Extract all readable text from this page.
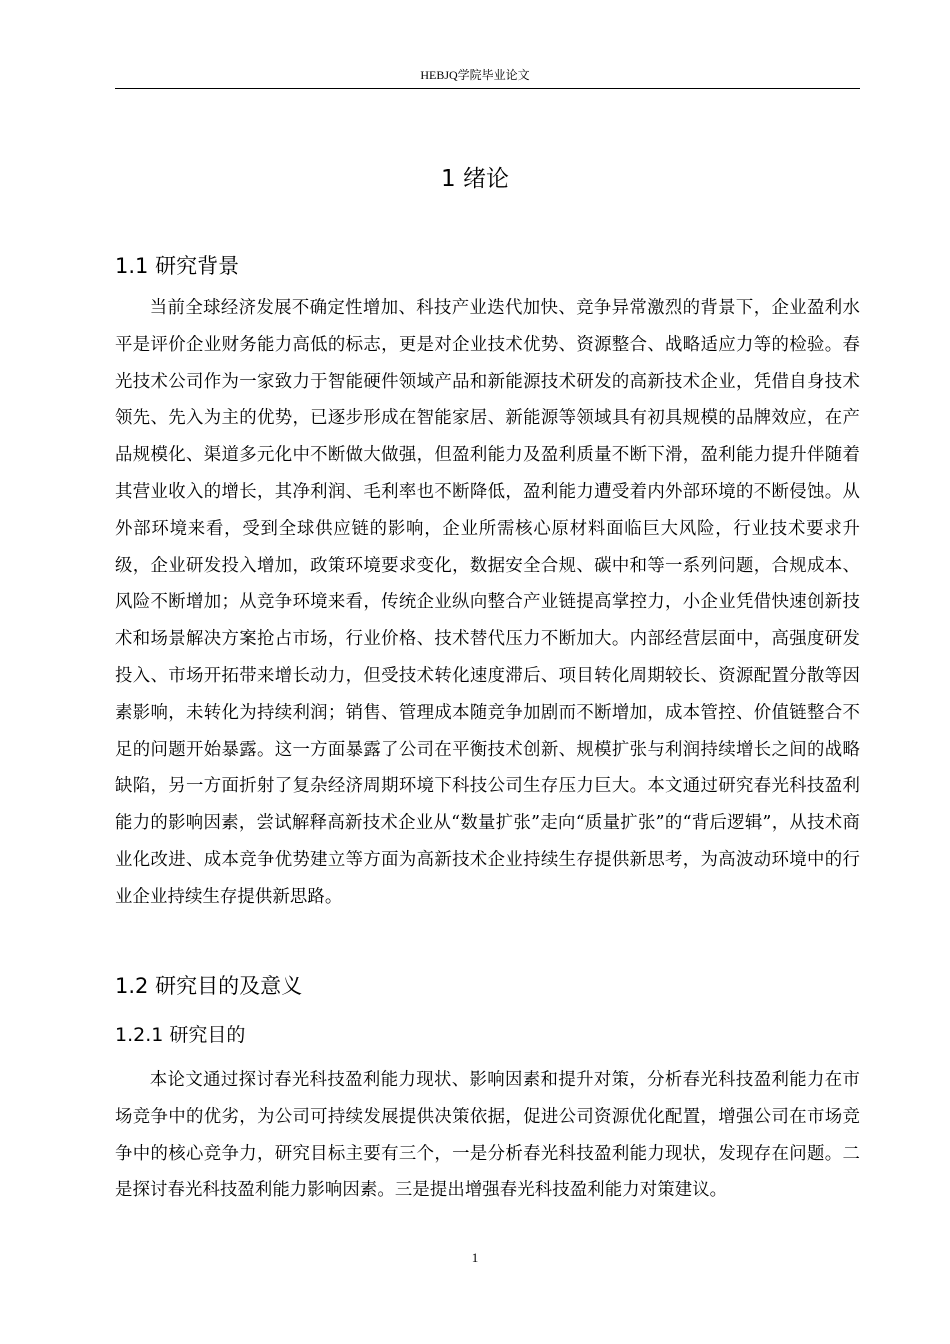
HEBJQ学院毕业论文
1 绪论
1.1 研究背景

当前全球经济发展不确定性增加、科技产业迭代加快、竞争异常激烈的背景下，企业盈利水平是评价企业财务能力高低的标志，更是对企业技术优势、资源整合、战略适应力等的检验。春光技术公司作为一家致力于智能硬件领域产品和新能源技术研发的高新技术企业，凭借自身技术领先、先入为主的优势，已逐步形成在智能家居、新能源等领域具有初具规模的品牌效应，在产品规模化、渠道多元化中不断做大做强，但盈利能力及盈利质量不断下滑，盈利能力提升伴随着其营业收入的增长，其净利润、毛利率也不断降低，盈利能力遭受着内外部环境的不断侵蚀。从外部环境来看，受到全球供应链的影响，企业所需核心原材料面临巨大风险，行业技术要求升级，企业研发投入增加，政策环境要求变化，数据安全合规、碳中和等一系列问题，合规成本、风险不断增加；从竞争环境来看，传统企业纵向整合产业链提高掌控力，小企业凭借快速创新技术和场景解决方案抢占市场，行业价格、技术替代压力不断加大。内部经营层面中，高强度研发投入、市场开拓带来增长动力，但受技术转化速度滞后、项目转化周期较长、资源配置分散等因素影响，未转化为持续利润；销售、管理成本随竞争加剧而不断增加，成本管控、价值链整合不足的问题开始暴露。这一方面暴露了公司在平衡技术创新、规模扩张与利润持续增长之间的战略缺陷，另一方面折射了复杂经济周期环境下科技公司生存压力巨大。本文通过研究春光科技盈利能力的影响因素，尝试解释高新技术企业从“数量扩张”走向“质量扩张”的“背后逻辑”，从技术商业化改进、成本竞争优势建立等方面为高新技术企业持续生存提供新思考，为高波动环境中的行业企业持续生存提供新思路。

1.2 研究目的及意义
1.2.1 研究目的

本论文通过探讨春光科技盈利能力现状、影响因素和提升对策，分析春光科技盈利能力在市场竞争中的优劣，为公司可持续发展提供决策依据，促进公司资源优化配置，增强公司在市场竞争中的核心竞争力，研究目标主要有三个，一是分析春光科技盈利能力现状，发现存在问题。二是探讨春光科技盈利能力影响因素。三是提出增强春光科技盈利能力对策建议。

1
